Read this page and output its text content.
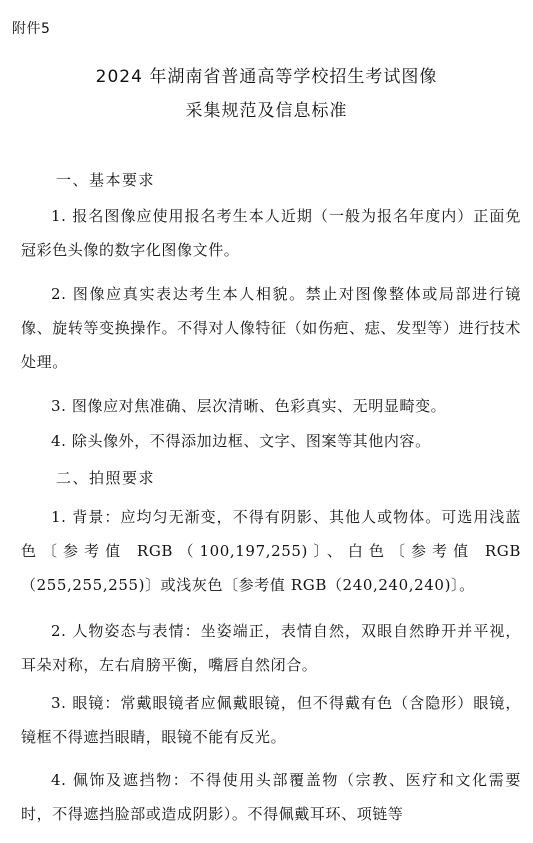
附件5
2024 年湖南省普通高等学校招生考试图像
采集规范及信息标准
一、基本要求

1. 报名图像应使用报名考生本人近期（一般为报名年度内）正面免冠彩色头像的数字化图像文件。

2. 图像应真实表达考生本人相貌。禁止对图像整体或局部进行镜像、旋转等变换操作。不得对人像特征（如伤疤、痣、发型等）进行技术处理。

3. 图像应对焦准确、层次清晰、色彩真实、无明显畸变。

4. 除头像外，不得添加边框、文字、图案等其他内容。

二、拍照要求

1. 背景：应均匀无渐变，不得有阴影、其他人或物体。可选用浅蓝色〔参考值 RGB（100,197,255)〕、白色〔参考值 RGB（255,255,255)〕或浅灰色〔参考值 RGB（240,240,240)〕。

2. 人物姿态与表情：坐姿端正，表情自然，双眼自然睁开并平视，耳朵对称，左右肩膀平衡，嘴唇自然闭合。

3. 眼镜：常戴眼镜者应佩戴眼镜，但不得戴有色（含隐形）眼镜，镜框不得遮挡眼睛，眼镜不能有反光。

4. 佩饰及遮挡物：不得使用头部覆盖物（宗教、医疗和文化需要时，不得遮挡脸部或造成阴影）。不得佩戴耳环、项链等
